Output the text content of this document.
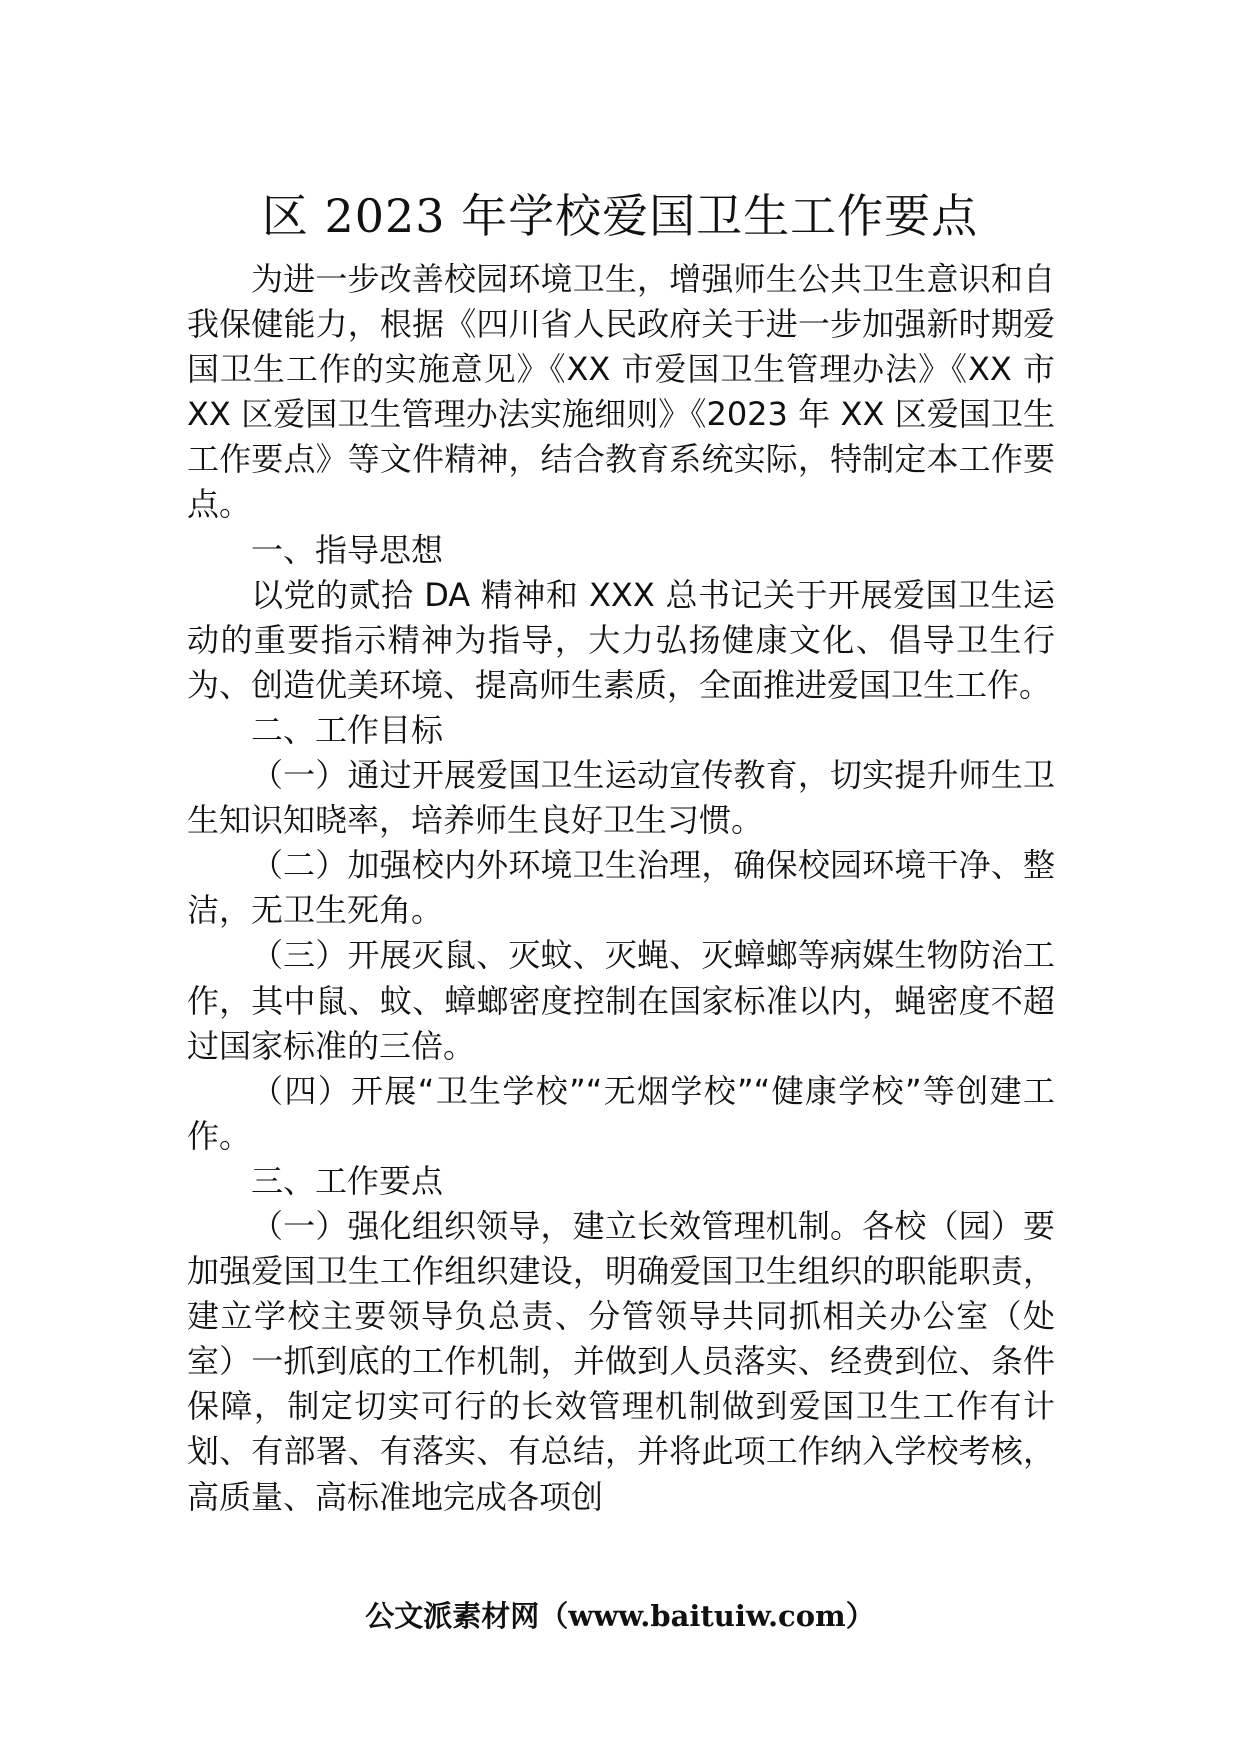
区 2023 年学校爱国卫生工作要点

为进一步改善校园环境卫生，增强师生公共卫生意识和自我保健能力，根据《四川省人民政府关于进一步加强新时期爱国卫生工作的实施意见》《XX 市爱国卫生管理办法》《XX 市 XX 区爱国卫生管理办法实施细则》《2023 年 XX 区爱国卫生工作要点》等文件精神，结合教育系统实际，特制定本工作要点。

一、指导思想

以党的贰拾 DA 精神和 XXX 总书记关于开展爱国卫生运动的重要指示精神为指导，大力弘扬健康文化、倡导卫生行为、创造优美环境、提高师生素质，全面推进爱国卫生工作。

二、工作目标

（一）通过开展爱国卫生运动宣传教育，切实提升师生卫生知识知晓率，培养师生良好卫生习惯。

（二）加强校内外环境卫生治理，确保校园环境干净、整洁，无卫生死角。

（三）开展灭鼠、灭蚊、灭蝇、灭蟑螂等病媒生物防治工作，其中鼠、蚊、蟑螂密度控制在国家标准以内，蝇密度不超过国家标准的三倍。

（四）开展“卫生学校”“无烟学校”“健康学校”等创建工作。

三、工作要点

（一）强化组织领导，建立长效管理机制。各校（园）要加强爱国卫生工作组织建设，明确爱国卫生组织的职能职责，建立学校主要领导负总责、分管领导共同抓相关办公室（处室）一抓到底的工作机制，并做到人员落实、经费到位、条件保障，制定切实可行的长效管理机制做到爱国卫生工作有计划、有部署、有落实、有总结，并将此项工作纳入学校考核，高质量、高标准地完成各项创

公文派素材网（www.baituiw.com）
